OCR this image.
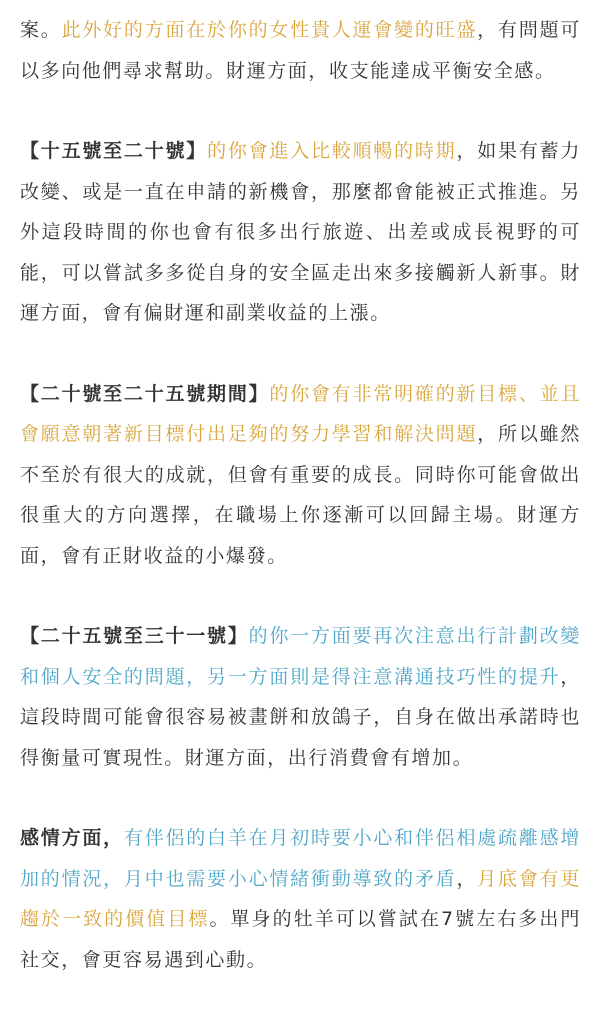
案。此外好的方面在於你的女性貴人運會變的旺盛，有問題可以多向他們尋求幫助。財運方面，收支能達成平衡安全感。

【十五號至二十號】的你會進入比較順暢的時期，如果有蓄力改變、或是一直在申請的新機會，那麼都會能被正式推進。另外這段時間的你也會有很多出行旅遊、出差或成長視野的可能，可以嘗試多多從自身的安全區走出來多接觸新人新事。財運方面，會有偏財運和副業收益的上漲。

【二十號至二十五號期間】的你會有非常明確的新目標、並且會願意朝著新目標付出足夠的努力學習和解決問題，所以雖然不至於有很大的成就，但會有重要的成長。同時你可能會做出很重大的方向選擇，在職場上你逐漸可以回歸主場。財運方面，會有正財收益的小爆發。

【二十五號至三十一號】的你一方面要再次注意出行計劃改變和個人安全的問題，另一方面則是得注意溝通技巧性的提升，這段時間可能會很容易被畫餅和放鴿子，自身在做出承諾時也得衡量可實現性。財運方面，出行消費會有增加。

感情方面，有伴侶的白羊在月初時要小心和伴侶相處疏離感增加的情況，月中也需要小心情緒衝動導致的矛盾，月底會有更趨於一致的價值目標。單身的牡羊可以嘗試在7號左右多出門社交，會更容易遇到心動。
